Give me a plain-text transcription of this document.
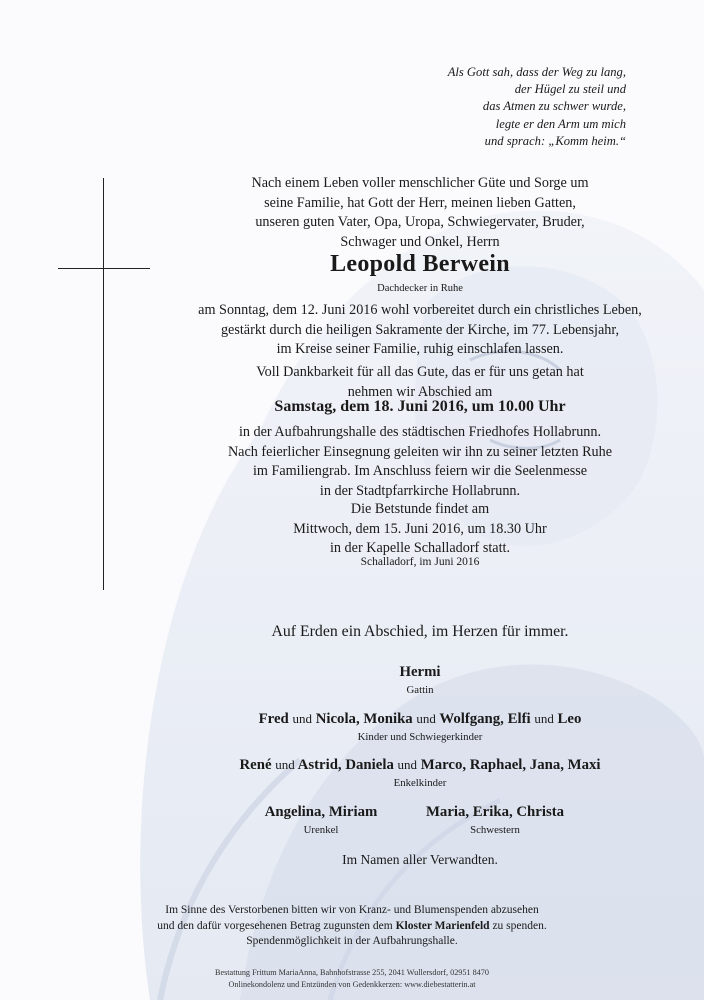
Als Gott sah, dass der Weg zu lang,
der Hügel zu steil und
das Atmen zu schwer wurde,
legte er den Arm um mich
und sprach: „Komm heim.“
Nach einem Leben voller menschlicher Güte und Sorge um
seine Familie, hat Gott der Herr, meinen lieben Gatten,
unseren guten Vater, Opa, Uropa, Schwiegervater, Bruder,
Schwager und Onkel, Herrn
Leopold Berwein
Dachdecker in Ruhe
am Sonntag, dem 12. Juni 2016 wohl vorbereitet durch ein christliches Leben,
gestärkt durch die heiligen Sakramente der Kirche, im 77. Lebensjahr,
im Kreise seiner Familie, ruhig einschlafen lassen.
Voll Dankbarkeit für all das Gute, das er für uns getan hat
nehmen wir Abschied am
Samstag, dem 18. Juni 2016, um 10.00 Uhr
in der Aufbahrungshalle des städtischen Friedhofes Hollabrunn.
Nach feierlicher Einsegnung geleiten wir ihn zu seiner letzten Ruhe
im Familiengrab. Im Anschluss feiern wir die Seelenmesse
in der Stadtpfarrkirche Hollabrunn.
Die Betstunde findet am
Mittwoch, dem 15. Juni 2016, um 18.30 Uhr
in der Kapelle Schalladorf statt.
Schalladorf, im Juni 2016
Auf Erden ein Abschied, im Herzen für immer.
Hermi
Gattin
Fred und Nicola, Monika und Wolfgang, Elfi und Leo
Kinder und Schwiegerkinder
René und Astrid, Daniela und Marco, Raphael, Jana, Maxi
Enkelkinder
Angelina, Miriam
Urenkel
Maria, Erika, Christa
Schwestern
Im Namen aller Verwandten.
Im Sinne des Verstorbenen bitten wir von Kranz- und Blumenspenden abzusehen
und den dafür vorgesehenen Betrag zugunsten dem Kloster Marienfeld zu spenden.
Spendenmöglichkeit in der Aufbahrungshalle.
Bestattung Frittum MariaAnna, Bahnhofstrasse 255, 2041 Wullersdorf, 02951 8470
Onlinekondolenz und Entzünden von Gedenkkerzen: www.diebestatterin.at
